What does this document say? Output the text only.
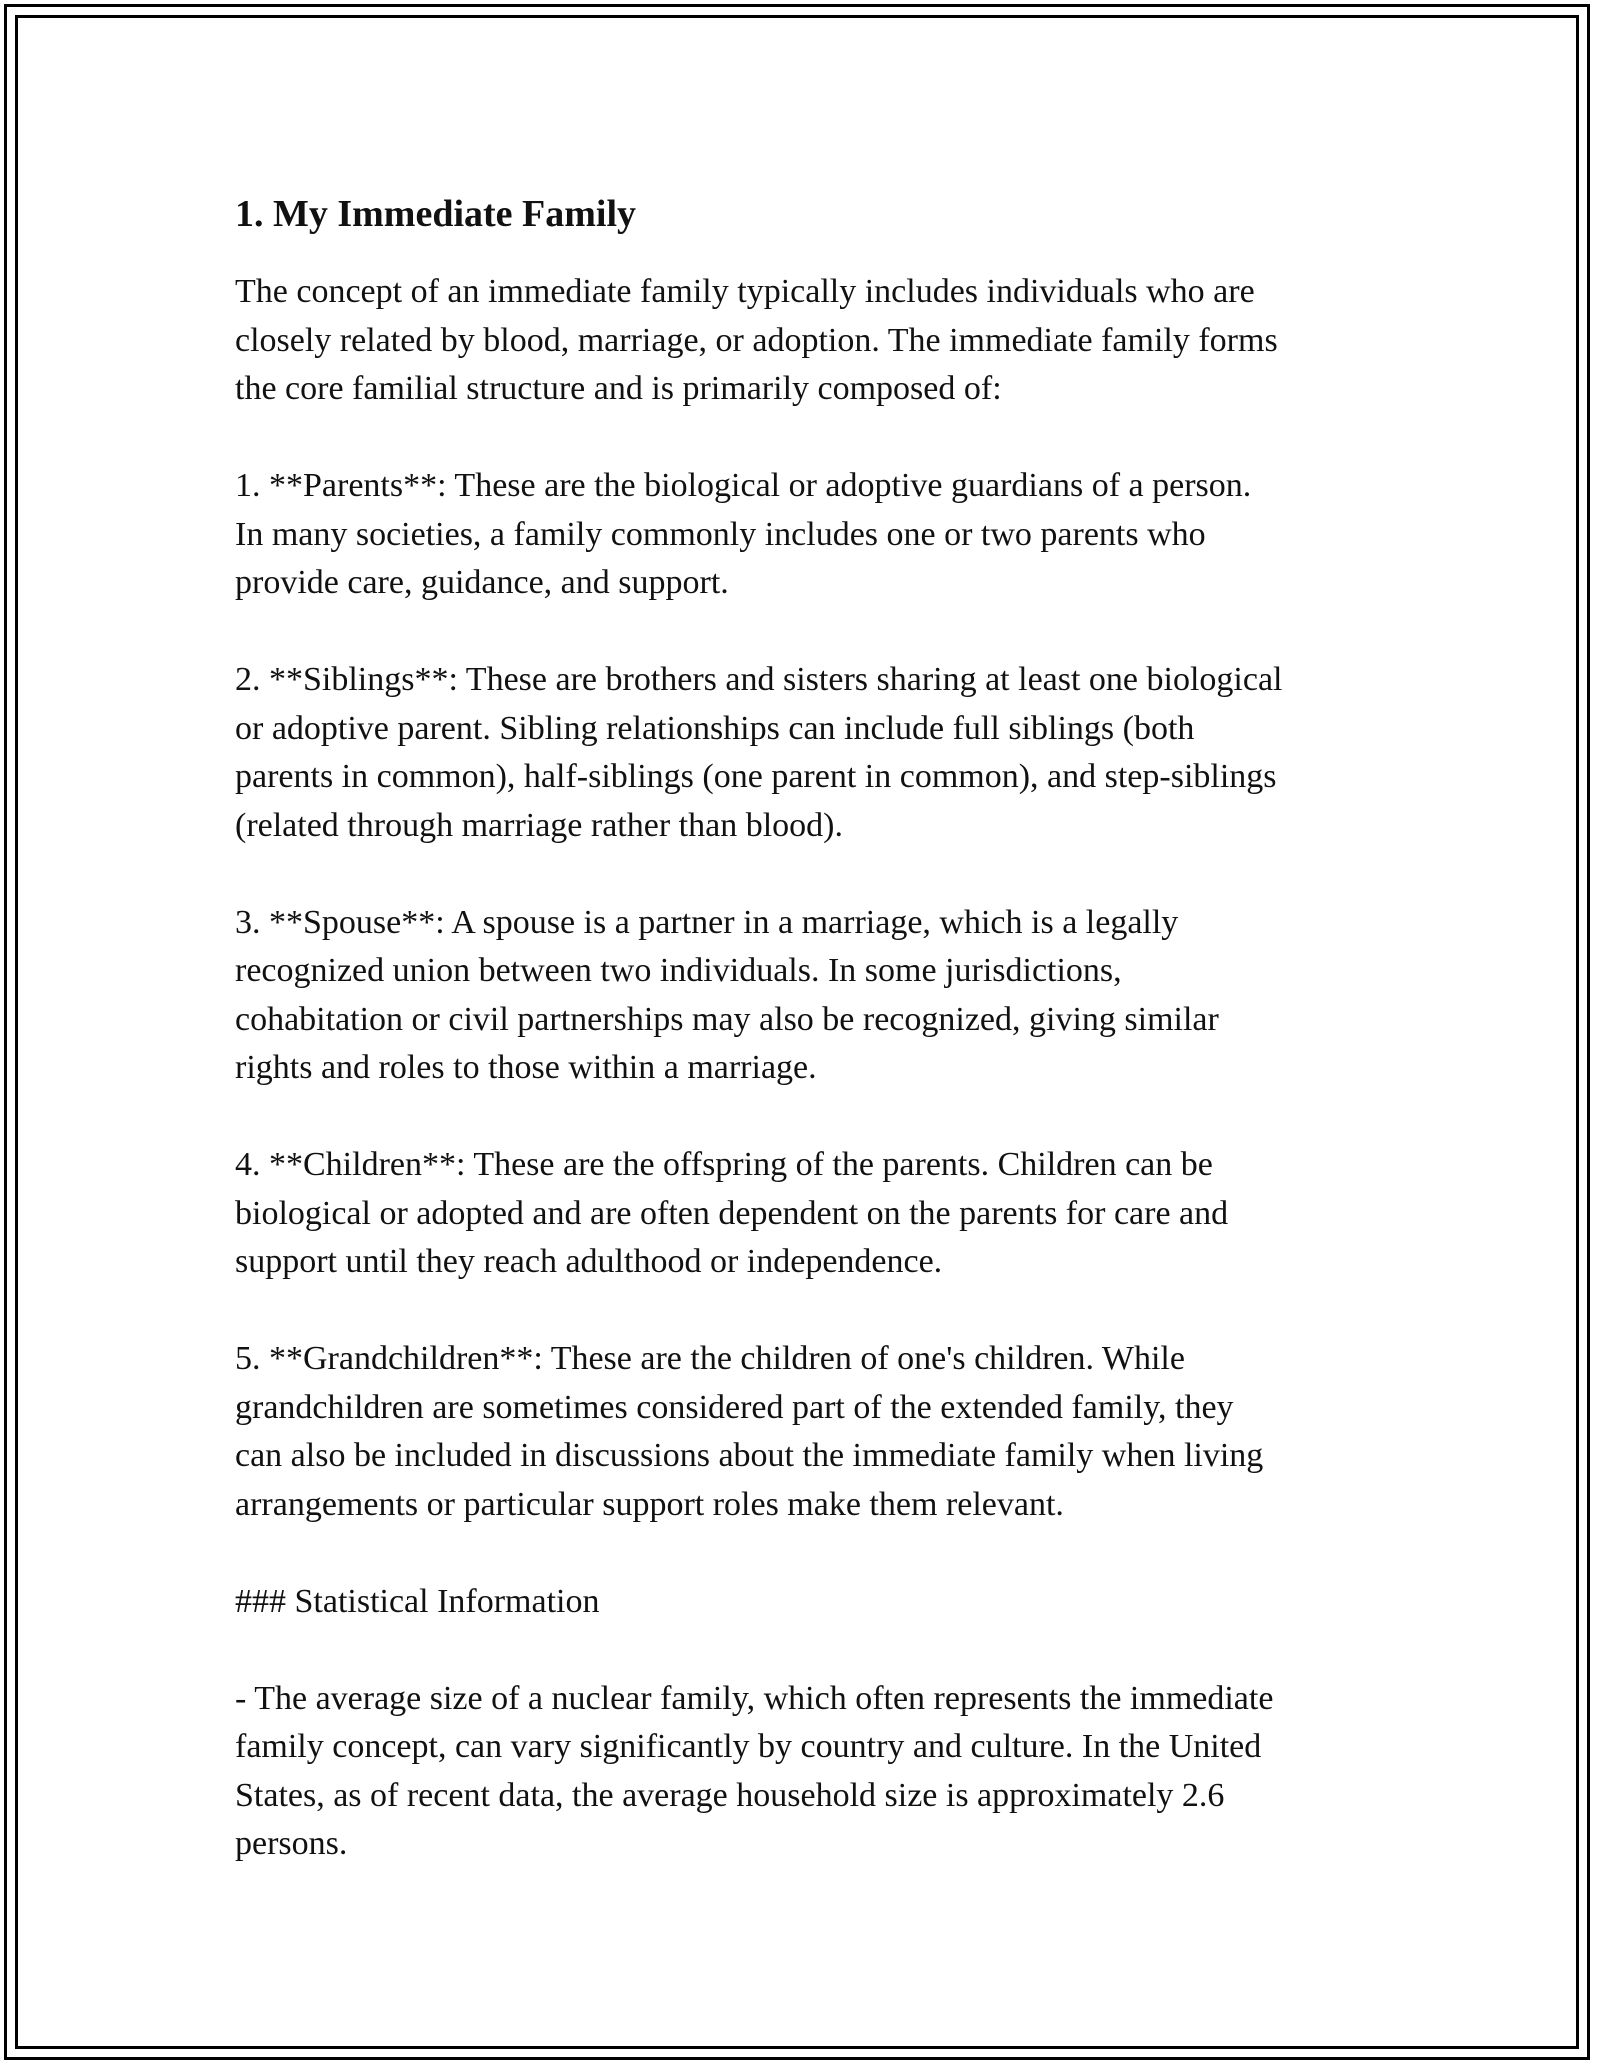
1. My Immediate Family

The concept of an immediate family typically includes individuals who are
closely related by blood, marriage, or adoption. The immediate family forms
the core familial structure and is primarily composed of:

1. **Parents**: These are the biological or adoptive guardians of a person.
In many societies, a family commonly includes one or two parents who
provide care, guidance, and support.

2. **Siblings**: These are brothers and sisters sharing at least one biological
or adoptive parent. Sibling relationships can include full siblings (both
parents in common), half-siblings (one parent in common), and step-siblings
(related through marriage rather than blood).

3. **Spouse**: A spouse is a partner in a marriage, which is a legally
recognized union between two individuals. In some jurisdictions,
cohabitation or civil partnerships may also be recognized, giving similar
rights and roles to those within a marriage.

4. **Children**: These are the offspring of the parents. Children can be
biological or adopted and are often dependent on the parents for care and
support until they reach adulthood or independence.

5. **Grandchildren**: These are the children of one's children. While
grandchildren are sometimes considered part of the extended family, they
can also be included in discussions about the immediate family when living
arrangements or particular support roles make them relevant.

### Statistical Information

- The average size of a nuclear family, which often represents the immediate
family concept, can vary significantly by country and culture. In the United
States, as of recent data, the average household size is approximately 2.6
persons.
